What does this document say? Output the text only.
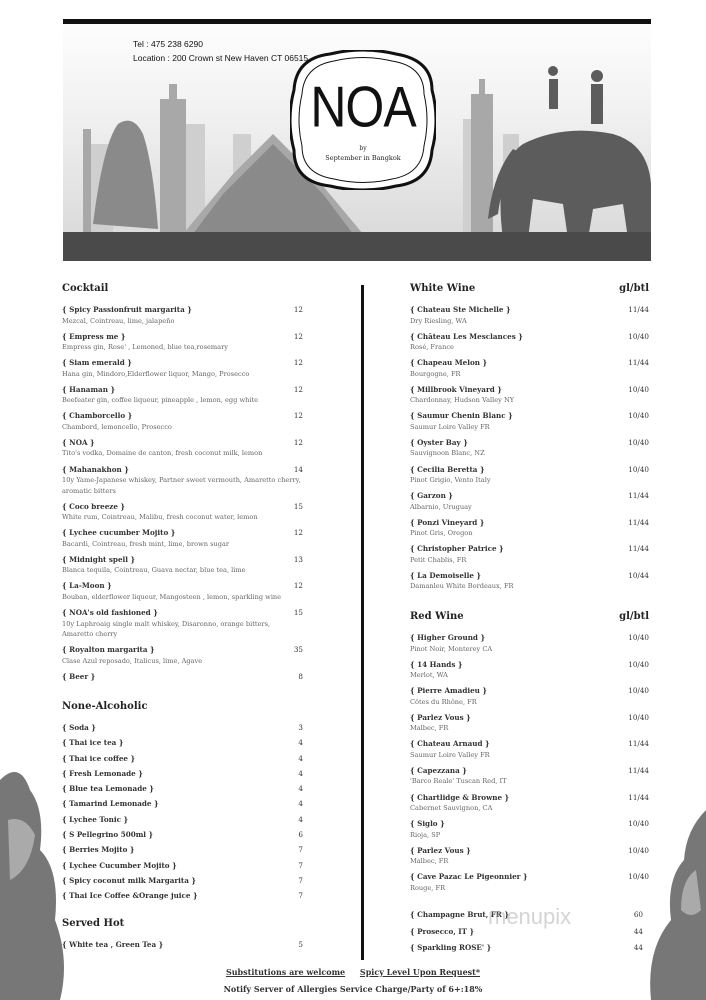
Tel : 475 238 6290
Location : 200 Crown st New Haven CT 06515
NOA
by
September in Bangkok
Cocktail
{ Spicy Passionfruit margarita }
Mezcal, Cointreau, lime, jalapeño
12
{ Empress me }
Empress gin, Rose' , Lemoned, blue tea,rosemary
12
{ Siam emerald }
Hana gin, Mindoro,Elderflower liquor, Mango, Prosecco
12
{ Hanaman }
Beefeater gin, coffee liqueur, pineapple , lemon, egg white
12
{ Chamborcello }
Chambord, lemoncello, Prosecco
12
{ NOA }
Tito's vodka, Domaine de canton, fresh coconut milk, lemon
12
{ Mahanakhon }
10y Yame-Japanese whiskey, Partner sweet vermouth, Amaretto cherry, aromatic bitters
14
{ Coco breeze }
White rum, Cointreau, Malibu, fresh coconut water, lemon
15
{ Lychee cucumber Mojito }
Bacardi, Cointreau, fresh mint, lime, brown sugar
12
{ Midnight spell }
Blanca tequila, Cointreau, Guava nectar, blue tea, lime
13
{ La-Moon }
Bouban, elderflower liqueur, Mangosteen , lemon, sparkling wine
12
{ NOA's old fashioned }
10y Laphroaig single malt whiskey, Disaronno, orange bitters, Amaretto cherry
15
{ Royalton margarita }
Clase Azul reposado, Italicus, lime, Agave
35
{ Beer }	8
None-Alcoholic
{ Soda }	3
{ Thai ice tea }	4
{ Thai ice coffee }	4
{ Fresh Lemonade }	4
{ Blue tea Lemonade }	4
{ Tamarind Lemonade }	4
{ Lychee Tonic }	4
{ S Pellegrino 500ml }	6
{ Berries Mojito }	7
{ Lychee Cucumber Mojito }	7
{ Spicy coconut milk Margarita }	7
{ Thai Ice Coffee &Orange juice }	7
Served Hot
{ White tea , Green Tea }	5
White Wine	gl/btl
{ Chateau Ste Michelle }
Dry Riesling, WA
11/44
{ Château Les Mesclances }
Rosé, France
10/40
{ Chapeau Melon }
Bourgogne, FR
11/44
{ Millbrook Vineyard }
Chardonnay, Hudson Valley NY
10/40
{ Saumur Chenin Blanc }
Saumur Loire Valley FR
10/40
{ Oyster Bay }
Sauvignoon Blanc, NZ
10/40
{ Cecilia Beretta }
Pinot Grigio, Vento Italy
10/40
{ Garzon }
Albarnio, Uruguay
11/44
{ Ponzi Vineyard }
Pinot Gris, Oregon
11/44
{ Christopher Patrice }
Petit Chablis, FR
11/44
{ La Demoiselle }
Damanleu White Bordeaux, FR
10/44
Red Wine	gl/btl
{ Higher Ground }
Pinot Noir, Monterey CA
10/40
{ 14 Hands }
Merlot, WA
10/40
{ Pierre Amadieu }
Côtes du Rhône, FR
10/40
{ Parlez Vous }
Malbec, FR
10/40
{ Chateau Arnaud }
Saumur Loire Valley FR
11/44
{ Capezzana }
'Barco Reale' Tuscan Red, IT
11/44
{ Chartlidge & Browne }
Cabernet Sauvignon, CA
11/44
{ Siglo }
Rioja, SP
10/40
{ Parlez Vous }
Malbec, FR
10/40
{ Cave Pazac Le Pigeonnier }
Rouge, FR
10/40
{ Champagne Brut, FR }	60
{ Prosecco, IT }	44
{ Sparkling ROSE' }	44
menupix
Substitutions are welcome Spicy Level Upon Request*
Notify Server of Allergies Service Charge/Party of 6+:18%
